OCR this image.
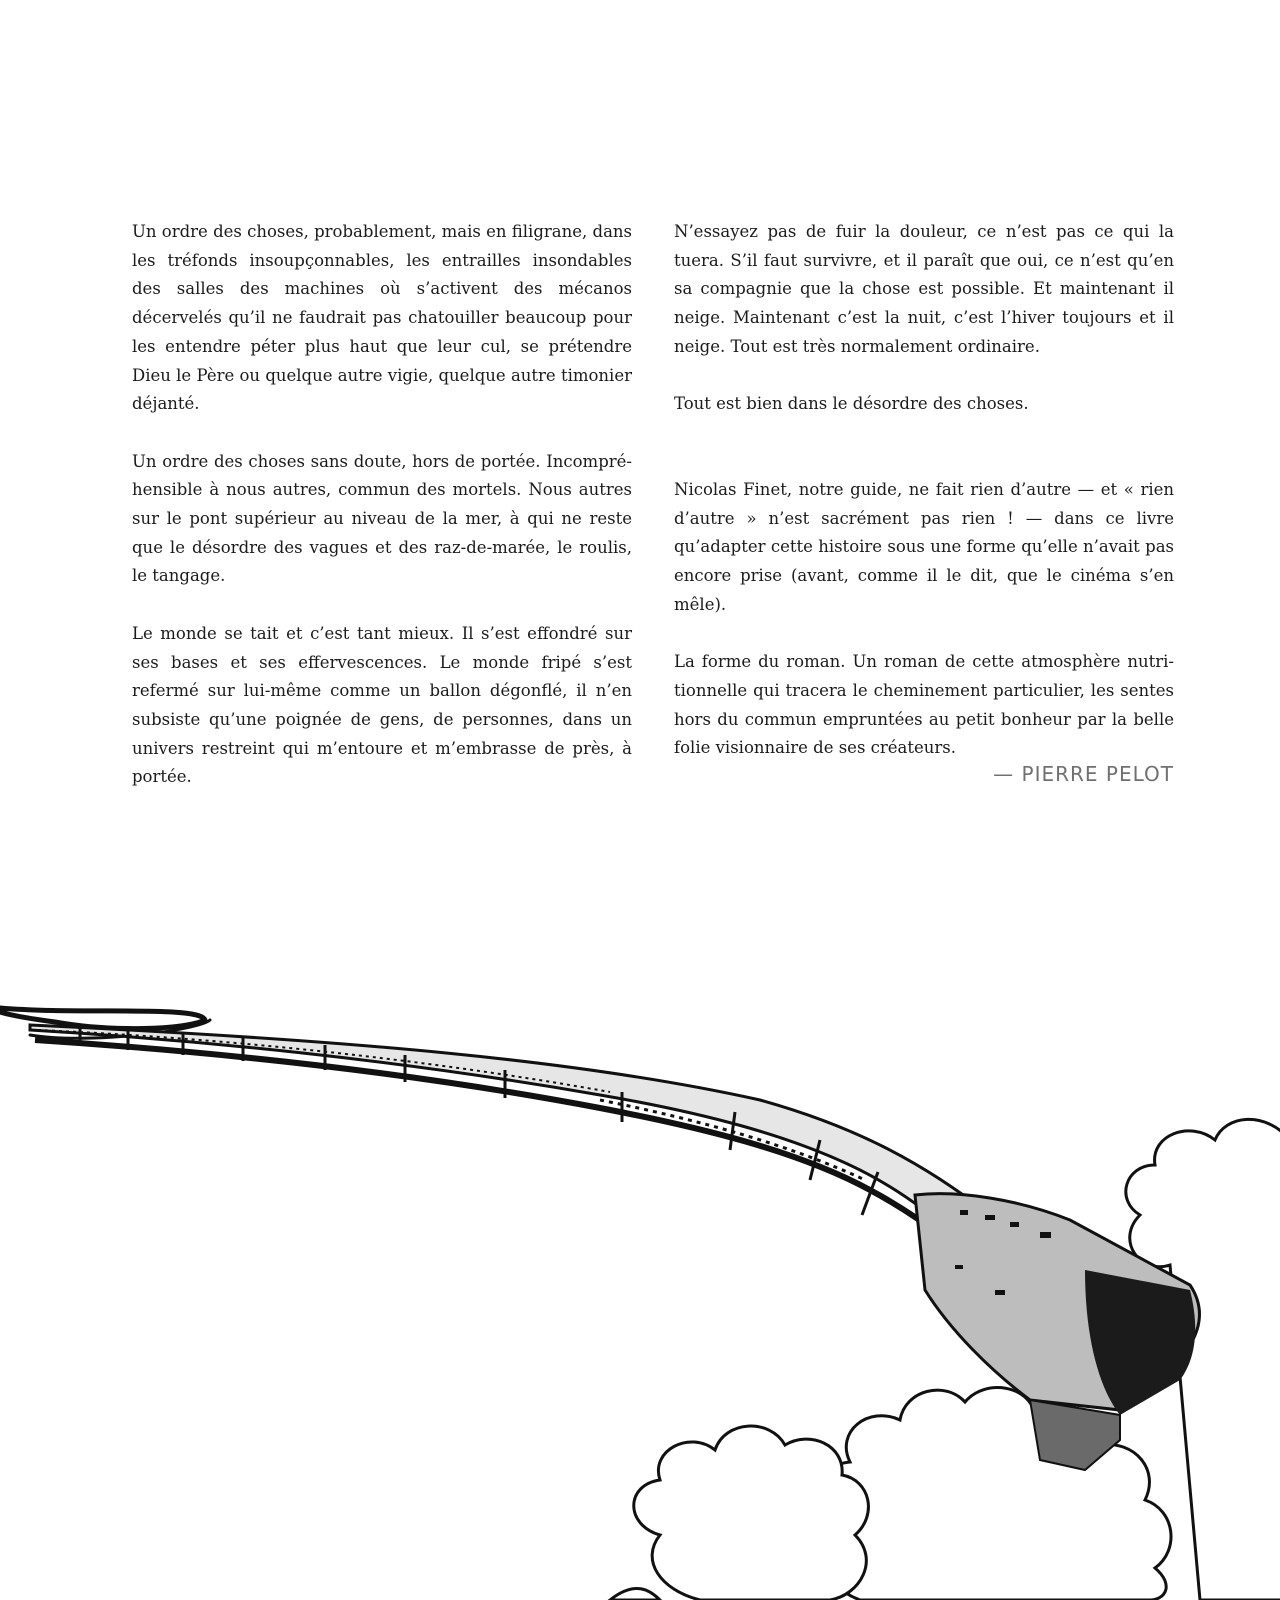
Un ordre des choses, probablement, mais en filigrane, dans les tréfonds insoupçonnables, les entrailles insondables des salles des machines où s’activent des mécanos décervelés qu’il ne faudrait pas chatouiller beaucoup pour les entendre péter plus haut que leur cul, se prétendre Dieu le Père ou quelque autre vigie, quelque autre timonier déjanté.

Un ordre des choses sans doute, hors de portée. Incompréhensible à nous autres, commun des mortels. Nous autres sur le pont supérieur au niveau de la mer, à qui ne reste que le désordre des vagues et des raz-de-marée, le roulis, le tangage.

Le monde se tait et c’est tant mieux. Il s’est effondré sur ses bases et ses effervescences. Le monde fripé s’est refermé sur lui-même comme un ballon dégonflé, il n’en subsiste qu’une poignée de gens, de personnes, dans un univers restreint qui m’entoure et m’embrasse de près, à portée.

N’essayez pas de fuir la douleur, ce n’est pas ce qui la tuera. S’il faut survivre, et il paraît que oui, ce n’est qu’en sa compagnie que la chose est possible. Et maintenant il neige. Maintenant c’est la nuit, c’est l’hiver toujours et il neige. Tout est très normalement ordinaire.

Tout est bien dans le désordre des choses.

Nicolas Finet, notre guide, ne fait rien d’autre — et « rien d’autre » n’est sacrément pas rien ! — dans ce livre qu’adapter cette histoire sous une forme qu’elle n’avait pas encore prise (avant, comme il le dit, que le cinéma s’en mêle).

La forme du roman. Un roman de cette atmosphère nutritionnelle qui tracera le cheminement particulier, les sentes hors du commun empruntées au petit bonheur par la belle folie visionnaire de ses créateurs.

— PIERRE PELOT
